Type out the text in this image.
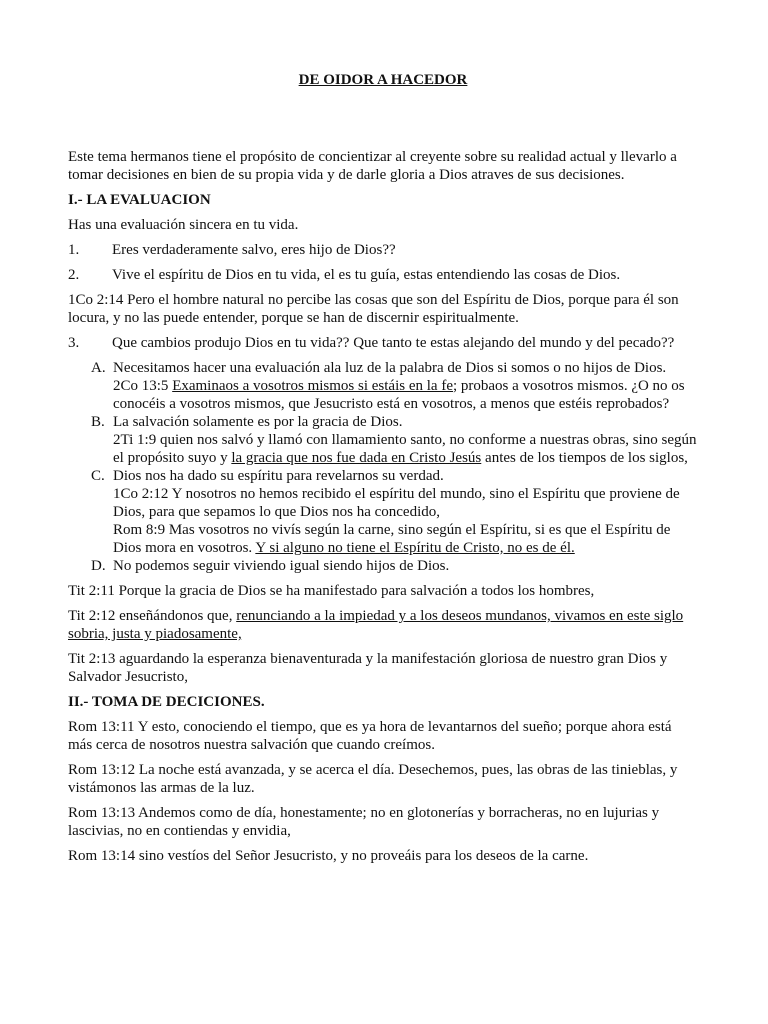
DE OIDOR A HACEDOR

Este tema hermanos tiene el propósito de concientizar al creyente sobre su realidad actual y llevarlo a tomar decisiones en bien de su propia vida y de darle gloria a Dios atraves de sus decisiones.

I.- LA EVALUACION

Has una evaluación sincera en tu vida.

1.	Eres verdaderamente salvo, eres hijo de Dios??
2.	Vive el espíritu de Dios en tu vida, el es tu guía, estas entendiendo las cosas de Dios.

1Co 2:14 Pero el hombre natural no percibe las cosas que son del Espíritu de Dios, porque para él son locura, y no las puede entender, porque se han de discernir espiritualmente.

3.	Que cambios produjo Dios en tu vida?? Que tanto te estas alejando del mundo y del pecado??
A. Necesitamos hacer una evaluación ala luz de la palabra de Dios si somos o no hijos de Dios.
2Co 13:5 Examinaos a vosotros mismos si estáis en la fe; probaos a vosotros mismos. ¿O no os conocéis a vosotros mismos, que Jesucristo está en vosotros, a menos que estéis reprobados?
B. La salvación solamente es por la gracia de Dios.
2Ti 1:9 quien nos salvó y llamó con llamamiento santo, no conforme a nuestras obras, sino según el propósito suyo y la gracia que nos fue dada en Cristo Jesús antes de los tiempos de los siglos,
C. Dios nos ha dado su espíritu para revelarnos su verdad.
1Co 2:12 Y nosotros no hemos recibido el espíritu del mundo, sino el Espíritu que proviene de Dios, para que sepamos lo que Dios nos ha concedido,
Rom 8:9 Mas vosotros no vivís según la carne, sino según el Espíritu, si es que el Espíritu de Dios mora en vosotros. Y si alguno no tiene el Espíritu de Cristo, no es de él.
D. No podemos seguir viviendo igual siendo hijos de Dios.

Tit 2:11 Porque la gracia de Dios se ha manifestado para salvación a todos los hombres,

Tit 2:12 enseñándonos que, renunciando a la impiedad y a los deseos mundanos, vivamos en este siglo sobria, justa y piadosamente,

Tit 2:13 aguardando la esperanza bienaventurada y la manifestación gloriosa de nuestro gran Dios y Salvador Jesucristo,

II.- TOMA DE DECICIONES.

Rom 13:11 Y esto, conociendo el tiempo, que es ya hora de levantarnos del sueño; porque ahora está más cerca de nosotros nuestra salvación que cuando creímos.

Rom 13:12 La noche está avanzada, y se acerca el día. Desechemos, pues, las obras de las tinieblas, y vistámonos las armas de la luz.

Rom 13:13 Andemos como de día, honestamente; no en glotonerías y borracheras, no en lujurias y lascivias, no en contiendas y envidia,

Rom 13:14 sino vestíos del Señor Jesucristo, y no proveáis para los deseos de la carne.
